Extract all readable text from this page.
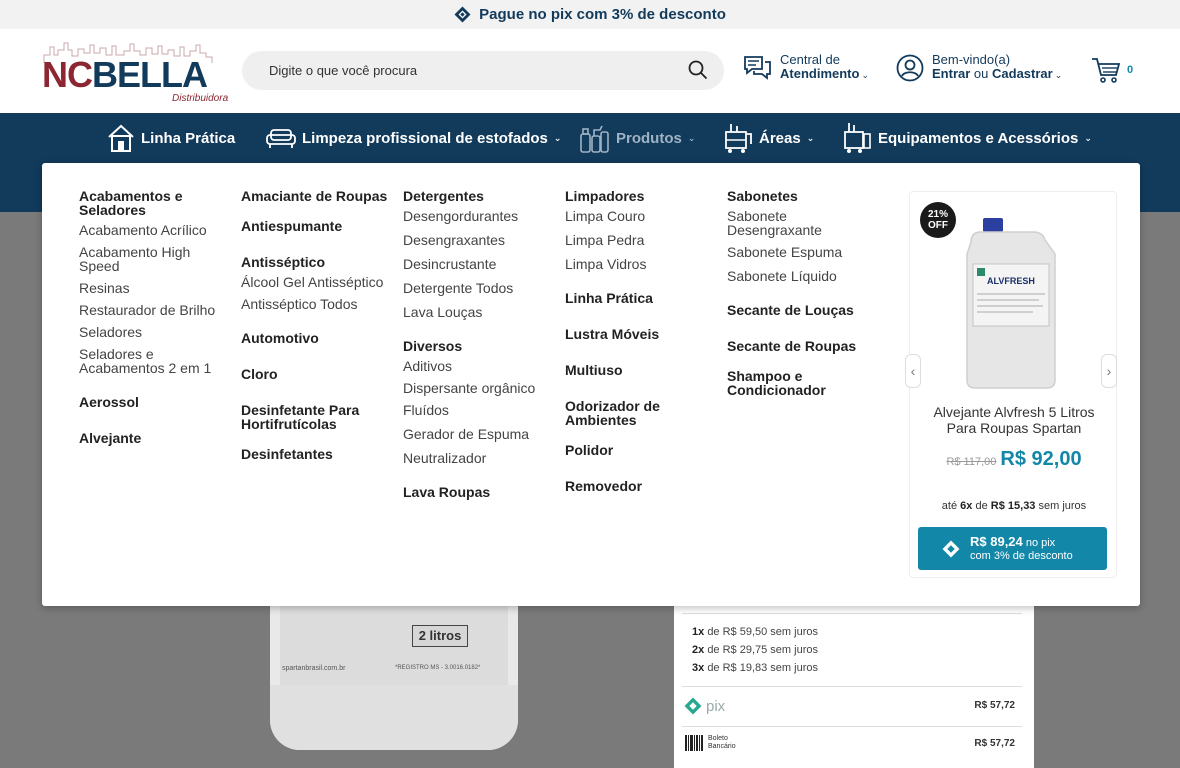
Pague no pix com 3% de desconto
NCBELLA
Distribuidora
Digite o que você procura
Central de
Atendimento ⌄
Bem-vindo(a)
Entrar ou Cadastrar ⌄	0
Linha Prática	Limpeza profissional de estofados ⌄	Produtos ⌄	Áreas ⌄	Equipamentos e Acessórios ⌄
2 litros
spartanbrasil.com.br	*REGISTRO MS - 3.0016.0182*
1x de R$ 59,50 sem juros
2x de R$ 29,75 sem juros
3x de R$ 19,83 sem juros
pix	R$ 57,72
Boleto
Bancário	R$ 57,72
Acabamentos e Seladores
Acabamento Acrílico
Acabamento High Speed
Resinas
Restaurador de Brilho
Seladores
Seladores e Acabamentos 2 em 1
Aerossol
Alvejante
Amaciante de Roupas
Antiespumante
Antisséptico
Álcool Gel Antisséptico
Antisséptico Todos
Automotivo
Cloro
Desinfetante Para Hortifrutícolas
Desinfetantes
Detergentes
Desengordurantes
Desengraxantes
Desincrustante
Detergente Todos
Lava Louças
Diversos
Aditivos
Dispersante orgânico
Fluídos
Gerador de Espuma
Neutralizador
Lava Roupas
Limpadores
Limpa Couro
Limpa Pedra
Limpa Vidros
Linha Prática
Lustra Móveis
Multiuso
Odorizador de Ambientes
Polidor
Removedor
Sabonetes
Sabonete Desengraxante
Sabonete Espuma
Sabonete Líquido
Secante de Louças
Secante de Roupas
Shampoo e Condicionador
21%
OFF
ALVFRESH
‹	›
Alvejante Alvfresh 5 Litros Para Roupas Spartan
R$ 117,00 R$ 92,00
até 6x de R$ 15,33 sem juros
R$ 89,24 no pix
com 3% de desconto
